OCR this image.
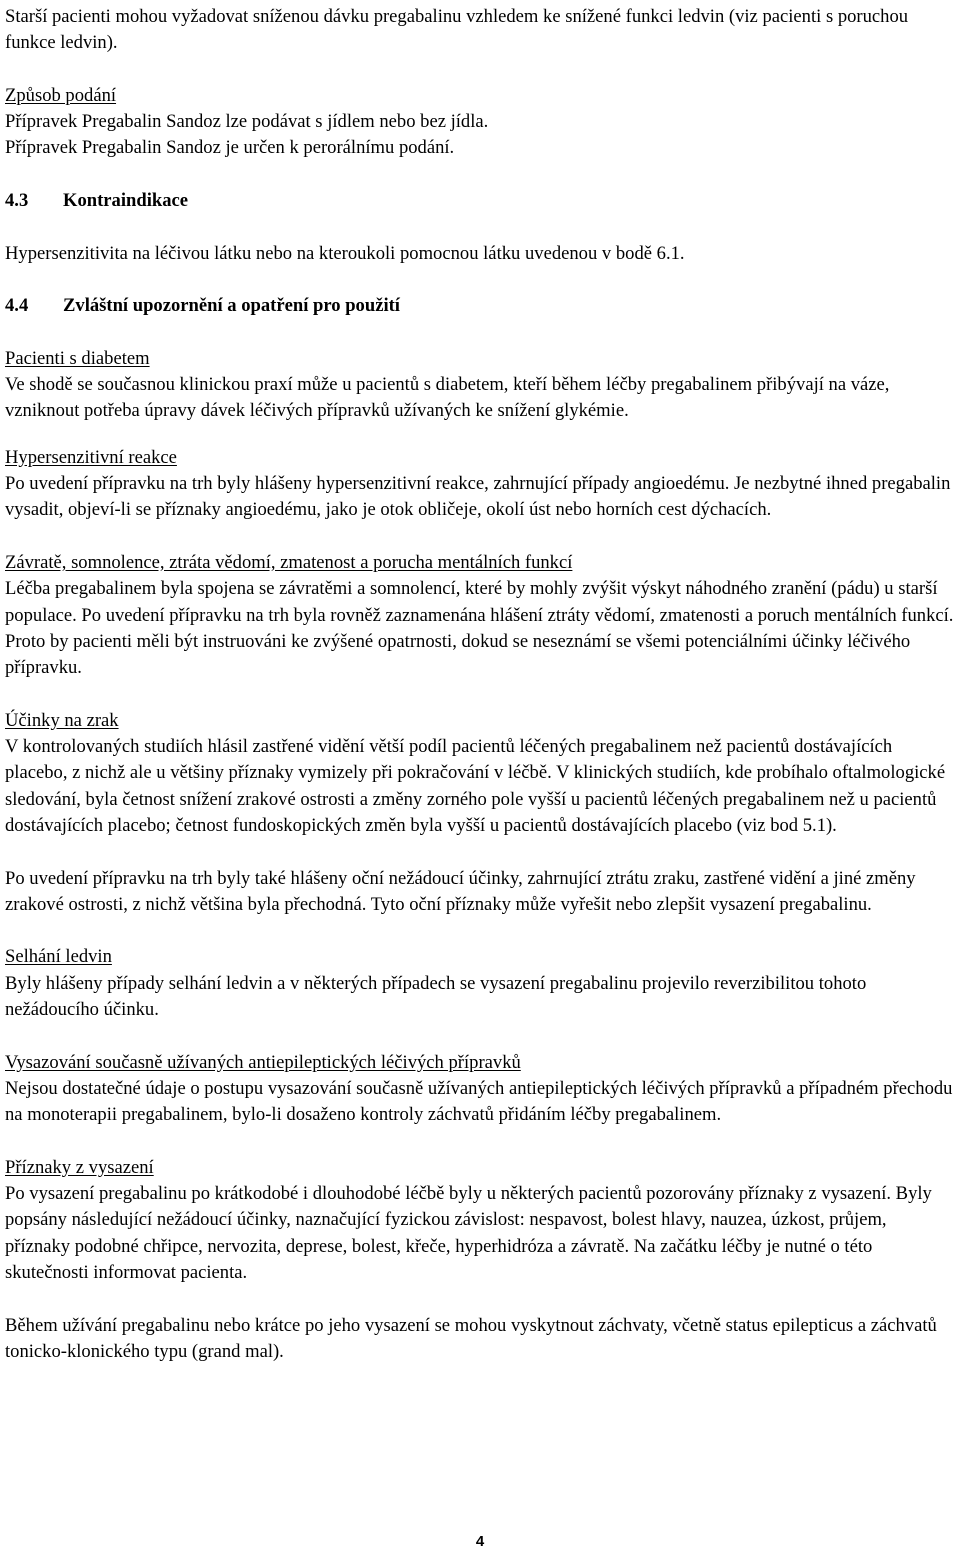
Starší pacienti mohou vyžadovat sníženou dávku pregabalinu vzhledem ke snížené funkci ledvin (viz pacienti s poruchou funkce ledvin).

Způsob podání

Přípravek Pregabalin Sandoz lze podávat s jídlem nebo bez jídla.

Přípravek Pregabalin Sandoz je určen k perorálnímu podání.

4.3	Kontraindikace

Hypersenzitivita na léčivou látku nebo na kteroukoli pomocnou látku uvedenou v bodě 6.1.

4.4	Zvláštní upozornění a opatření pro použití

Pacienti s diabetem

Ve shodě se současnou klinickou praxí může u pacientů s diabetem, kteří během léčby pregabalinem přibývají na váze, vzniknout potřeba úpravy dávek léčivých přípravků užívaných ke snížení glykémie.

Hypersenzitivní reakce

Po uvedení přípravku na trh byly hlášeny hypersenzitivní reakce, zahrnující případy angioedému. Je nezbytné ihned pregabalin vysadit, objeví-li se příznaky angioedému, jako je otok obličeje, okolí úst nebo horních cest dýchacích.

Závratě, somnolence, ztráta vědomí, zmatenost a porucha mentálních funkcí

Léčba pregabalinem byla spojena se závratěmi a somnolencí, které by mohly zvýšit výskyt náhodného zranění (pádu) u starší populace. Po uvedení přípravku na trh byla rovněž zaznamenána hlášení ztráty vědomí, zmatenosti a poruch mentálních funkcí. Proto by pacienti měli být instruováni ke zvýšené opatrnosti, dokud se neseznámí se všemi potenciálními účinky léčivého přípravku.

Účinky na zrak

V kontrolovaných studiích hlásil zastřené vidění větší podíl pacientů léčených pregabalinem než pacientů dostávajících placebo, z nichž ale u většiny příznaky vymizely při pokračování v léčbě. V klinických studiích, kde probíhalo oftalmologické sledování, byla četnost snížení zrakové ostrosti a změny zorného pole vyšší u pacientů léčených pregabalinem než u pacientů dostávajících placebo; četnost fundoskopických změn byla vyšší u pacientů dostávajících placebo (viz bod 5.1).

Po uvedení přípravku na trh byly také hlášeny oční nežádoucí účinky, zahrnující ztrátu zraku, zastřené vidění a jiné změny zrakové ostrosti, z nichž většina byla přechodná. Tyto oční příznaky může vyřešit nebo zlepšit vysazení pregabalinu.

Selhání ledvin

Byly hlášeny případy selhání ledvin a v některých případech se vysazení pregabalinu projevilo reverzibilitou tohoto nežádoucího účinku.

Vysazování současně užívaných antiepileptických léčivých přípravků

Nejsou dostatečné údaje o postupu vysazování současně užívaných antiepileptických léčivých přípravků a případném přechodu na monoterapii pregabalinem, bylo-li dosaženo kontroly záchvatů přidáním léčby pregabalinem.

Příznaky z vysazení

Po vysazení pregabalinu po krátkodobé i dlouhodobé léčbě byly u některých pacientů pozorovány příznaky z vysazení. Byly popsány následující nežádoucí účinky, naznačující fyzickou závislost: nespavost, bolest hlavy, nauzea, úzkost, průjem, příznaky podobné chřipce, nervozita, deprese, bolest, křeče, hyperhidróza a závratě. Na začátku léčby je nutné o této skutečnosti informovat pacienta.

Během užívání pregabalinu nebo krátce po jeho vysazení se mohou vyskytnout záchvaty, včetně status epilepticus a záchvatů tonicko-klonického typu (grand mal).

4
